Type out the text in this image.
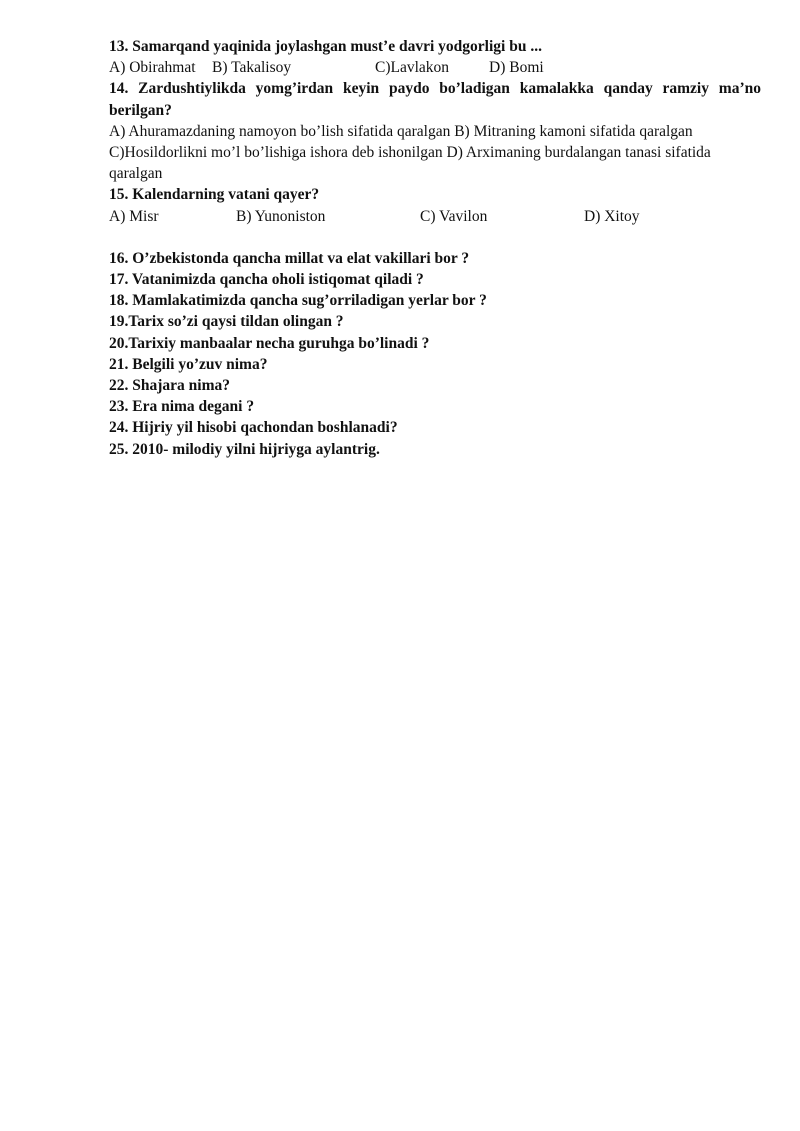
13. Samarqand yaqinida joylashgan must’e davri yodgorligi bu ...
A) Obirahmat B) Takalisoy	C)Lavlakon	D) Bomi
14. Zardushtiylikda yomg’irdan keyin paydo bo’ladigan kamalakka qanday ramziy ma’no
berilgan?
A) Ahuramazdaning namoyon bo’lish sifatida qaralgan B) Mitraning kamoni sifatida qaralgan
C)Hosildorlikni mo’l bo’lishiga ishora deb ishonilgan D) Arximaning burdalangan tanasi sifatida
qaralgan
15. Kalendarning vatani qayer?
A) Misr	B) Yunoniston	C) Vavilon	D) Xitoy
16. O’zbekistonda qancha millat va elat vakillari bor ?
17. Vatanimizda qancha oholi istiqomat qiladi ?
18. Mamlakatimizda qancha sug’orriladigan yerlar bor ?
19.Tarix so’zi qaysi tildan olingan ?
20.Tarixiy manbaalar necha guruhga bo’linadi ?
21. Belgili yo’zuv nima?
22. Shajara nima?
23. Era nima degani ?
24. Hijriy yil hisobi qachondan boshlanadi?
25. 2010- milodiy yilni hijriyga aylantrig.
